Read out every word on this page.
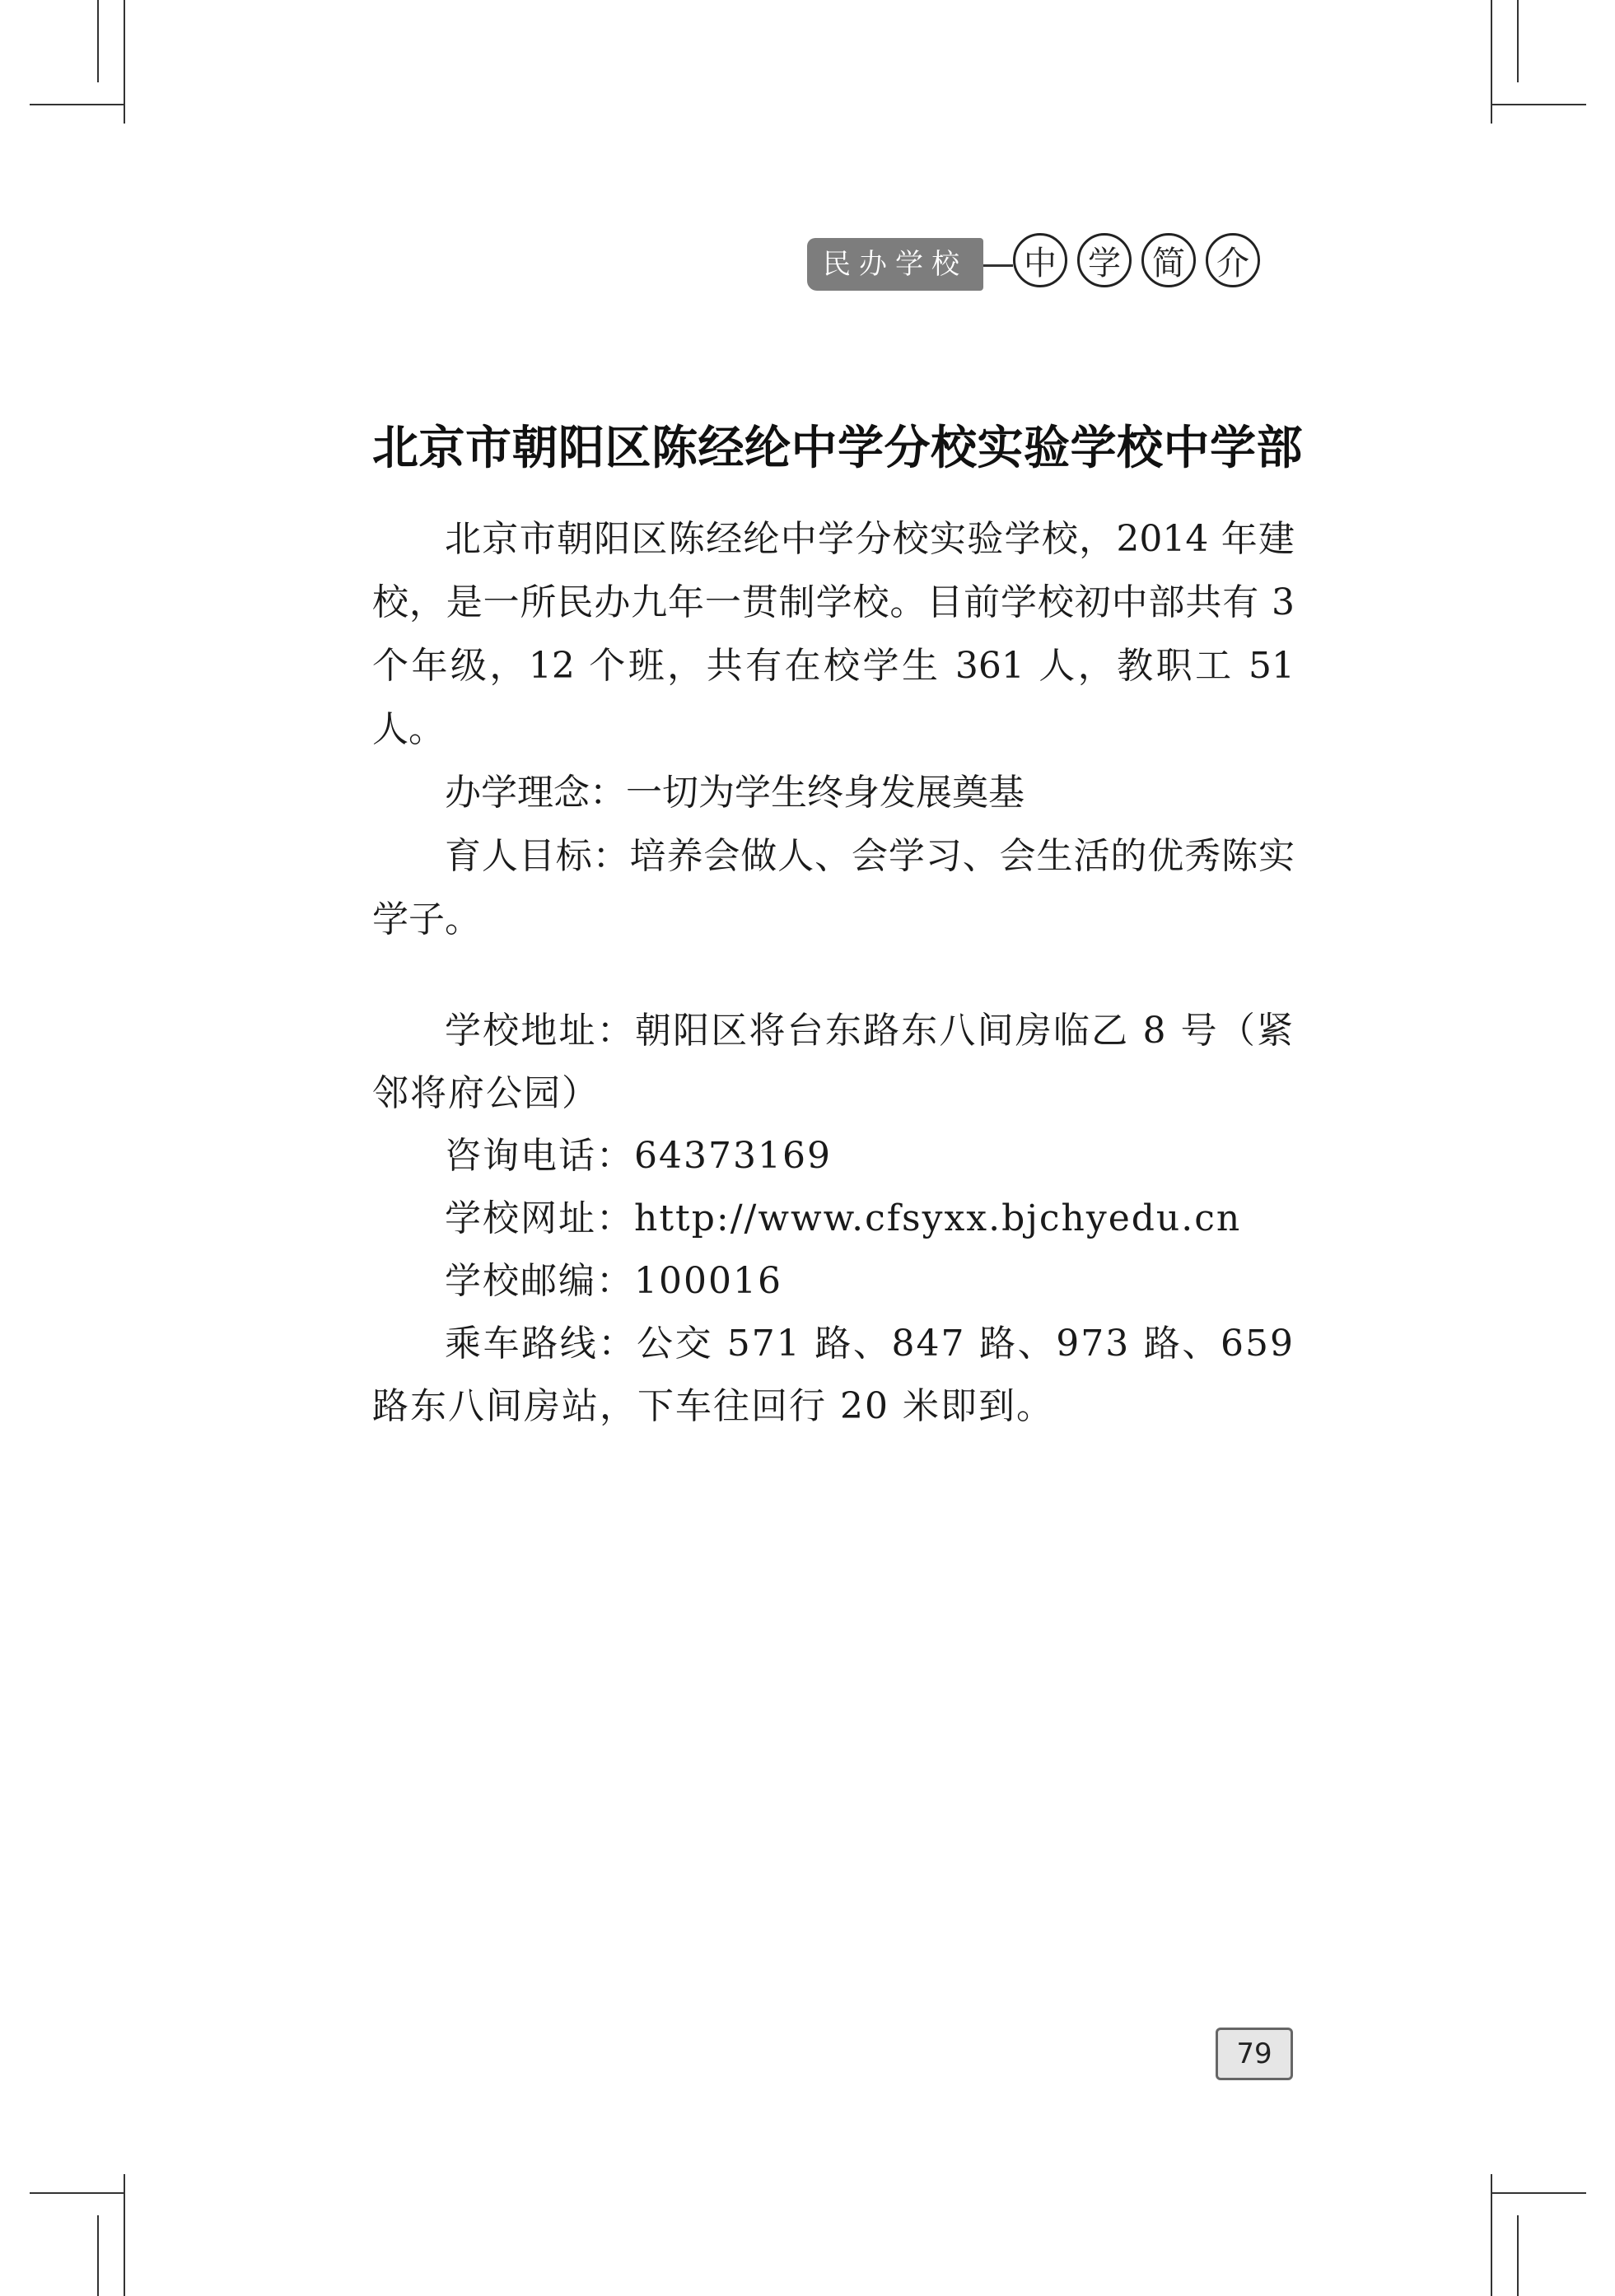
民办学校	中 学 简 介
北京市朝阳区陈经纶中学分校实验学校中学部

北京市朝阳区陈经纶中学分校实验学校，2014 年建校，是一所民办九年一贯制学校。目前学校初中部共有 3 个年级，12 个班，共有在校学生 361 人，教职工 51 人。

办学理念：一切为学生终身发展奠基

育人目标：培养会做人、会学习、会生活的优秀陈实学子。

学校地址：朝阳区将台东路东八间房临乙 8 号（紧邻将府公园）

咨询电话：64373169

学校网址：http://www.cfsyxx.bjchyedu.cn

学校邮编：100016

乘车路线：公交 571 路、847 路、973 路、659 路东八间房站，下车往回行 20 米即到。

79
